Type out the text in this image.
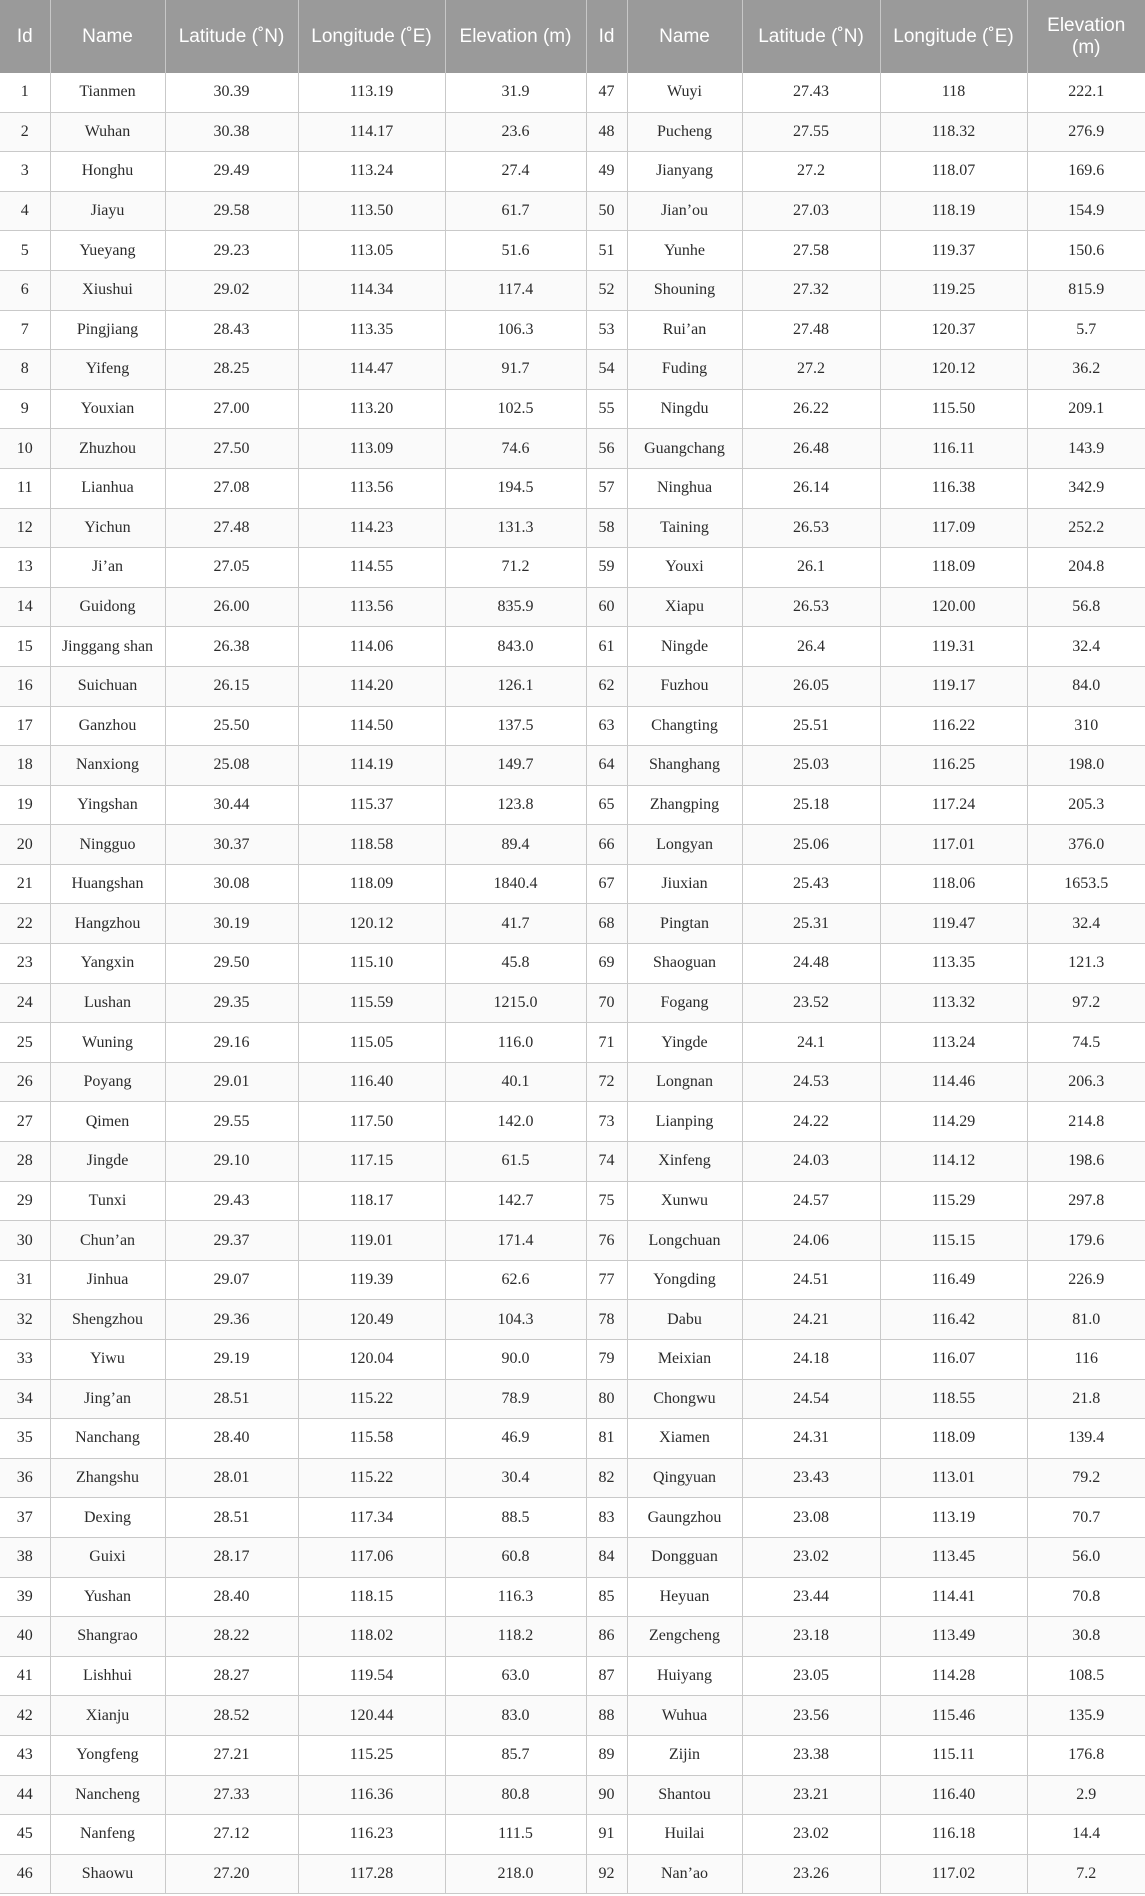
Id	Name	Latitude (˚N)	Longitude (˚E)	Elevation (m)	Id	Name	Latitude (˚N)	Longitude (˚E)	Elevation (m)
1	Tianmen	30.39	113.19	31.9	47	Wuyi	27.43	118	222.1
2	Wuhan	30.38	114.17	23.6	48	Pucheng	27.55	118.32	276.9
3	Honghu	29.49	113.24	27.4	49	Jianyang	27.2	118.07	169.6
4	Jiayu	29.58	113.50	61.7	50	Jian’ou	27.03	118.19	154.9
5	Yueyang	29.23	113.05	51.6	51	Yunhe	27.58	119.37	150.6
6	Xiushui	29.02	114.34	117.4	52	Shouning	27.32	119.25	815.9
7	Pingjiang	28.43	113.35	106.3	53	Rui’an	27.48	120.37	5.7
8	Yifeng	28.25	114.47	91.7	54	Fuding	27.2	120.12	36.2
9	Youxian	27.00	113.20	102.5	55	Ningdu	26.22	115.50	209.1
10	Zhuzhou	27.50	113.09	74.6	56	Guangchang	26.48	116.11	143.9
11	Lianhua	27.08	113.56	194.5	57	Ninghua	26.14	116.38	342.9
12	Yichun	27.48	114.23	131.3	58	Taining	26.53	117.09	252.2
13	Ji’an	27.05	114.55	71.2	59	Youxi	26.1	118.09	204.8
14	Guidong	26.00	113.56	835.9	60	Xiapu	26.53	120.00	56.8
15	Jinggang shan	26.38	114.06	843.0	61	Ningde	26.4	119.31	32.4
16	Suichuan	26.15	114.20	126.1	62	Fuzhou	26.05	119.17	84.0
17	Ganzhou	25.50	114.50	137.5	63	Changting	25.51	116.22	310
18	Nanxiong	25.08	114.19	149.7	64	Shanghang	25.03	116.25	198.0
19	Yingshan	30.44	115.37	123.8	65	Zhangping	25.18	117.24	205.3
20	Ningguo	30.37	118.58	89.4	66	Longyan	25.06	117.01	376.0
21	Huangshan	30.08	118.09	1840.4	67	Jiuxian	25.43	118.06	1653.5
22	Hangzhou	30.19	120.12	41.7	68	Pingtan	25.31	119.47	32.4
23	Yangxin	29.50	115.10	45.8	69	Shaoguan	24.48	113.35	121.3
24	Lushan	29.35	115.59	1215.0	70	Fogang	23.52	113.32	97.2
25	Wuning	29.16	115.05	116.0	71	Yingde	24.1	113.24	74.5
26	Poyang	29.01	116.40	40.1	72	Longnan	24.53	114.46	206.3
27	Qimen	29.55	117.50	142.0	73	Lianping	24.22	114.29	214.8
28	Jingde	29.10	117.15	61.5	74	Xinfeng	24.03	114.12	198.6
29	Tunxi	29.43	118.17	142.7	75	Xunwu	24.57	115.29	297.8
30	Chun’an	29.37	119.01	171.4	76	Longchuan	24.06	115.15	179.6
31	Jinhua	29.07	119.39	62.6	77	Yongding	24.51	116.49	226.9
32	Shengzhou	29.36	120.49	104.3	78	Dabu	24.21	116.42	81.0
33	Yiwu	29.19	120.04	90.0	79	Meixian	24.18	116.07	116
34	Jing’an	28.51	115.22	78.9	80	Chongwu	24.54	118.55	21.8
35	Nanchang	28.40	115.58	46.9	81	Xiamen	24.31	118.09	139.4
36	Zhangshu	28.01	115.22	30.4	82	Qingyuan	23.43	113.01	79.2
37	Dexing	28.51	117.34	88.5	83	Gaungzhou	23.08	113.19	70.7
38	Guixi	28.17	117.06	60.8	84	Dongguan	23.02	113.45	56.0
39	Yushan	28.40	118.15	116.3	85	Heyuan	23.44	114.41	70.8
40	Shangrao	28.22	118.02	118.2	86	Zengcheng	23.18	113.49	30.8
41	Lishhui	28.27	119.54	63.0	87	Huiyang	23.05	114.28	108.5
42	Xianju	28.52	120.44	83.0	88	Wuhua	23.56	115.46	135.9
43	Yongfeng	27.21	115.25	85.7	89	Zijin	23.38	115.11	176.8
44	Nancheng	27.33	116.36	80.8	90	Shantou	23.21	116.40	2.9
45	Nanfeng	27.12	116.23	111.5	91	Huilai	23.02	116.18	14.4
46	Shaowu	27.20	117.28	218.0	92	Nan’ao	23.26	117.02	7.2
